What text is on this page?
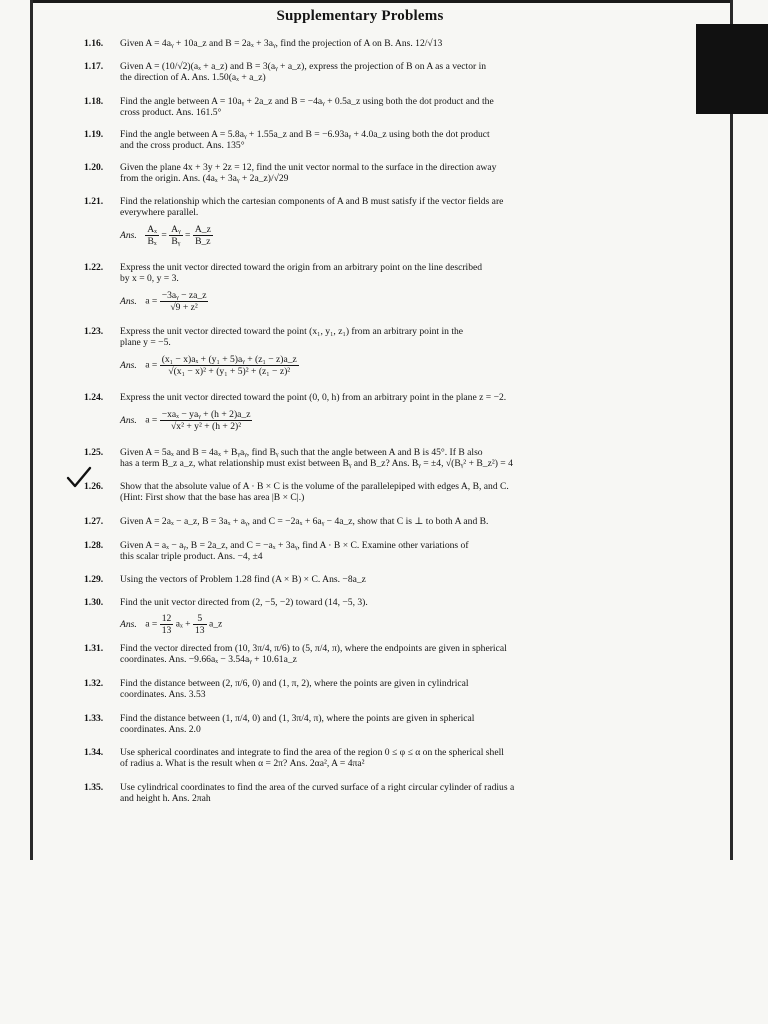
Supplementary Problems
1.16.	Given A = 4aᵧ + 10a_z and B = 2aₓ + 3aᵧ, find the projection of A on B. Ans. 12/√13
1.17.	Given A = (10/√2)(aₓ + a_z) and B = 3(aᵧ + a_z), express the projection of B on A as a vector in
the direction of A. Ans. 1.50(aₓ + a_z)
1.18.	Find the angle between A = 10aᵧ + 2a_z and B = −4aᵧ + 0.5a_z using both the dot product and the
cross product. Ans. 161.5°
1.19.	Find the angle between A = 5.8aᵧ + 1.55a_z and B = −6.93aᵧ + 4.0a_z using both the dot product
and the cross product. Ans. 135°
1.20.	Given the plane 4x + 3y + 2z = 12, find the unit vector normal to the surface in the direction away
from the origin. Ans. (4aₓ + 3aᵧ + 2a_z)/√29
1.21.	Find the relationship which the cartesian components of A and B must satisfy if the vector fields are
everywhere parallel.
Ans. $\frac{\text{Aₓ}}{\text{Bₓ}} = \frac{\text{Aᵧ}}{\text{Bᵧ}} = \frac{A\_z}{B\_z}$
1.22.	Express the unit vector directed toward the origin from an arbitrary point on the line described
by x = 0, y = 3.
Ans. $a = \frac{\text{−3aᵧ − za\_z}}{\text{√9 + z²}}$
1.23.	Express the unit vector directed toward the point (x₁, y₁, z₁) from an arbitrary point in the
plane y = −5.
Ans. $a = \frac{\text{(x₁ − x)aₓ + (y₁ + 5)aᵧ + (z₁ − z)a\_z}}{\text{√(x₁ − x)² + (y₁ + 5)² + (z₁ − z)²}}$
1.24.	Express the unit vector directed toward the point (0, 0, h) from an arbitrary point in the plane z = −2.
Ans. $a = \frac{\text{−xaₓ − yaᵧ + (h + 2)a\_z}}{\text{√x² + y² + (h + 2)²}}$
1.25.	Given A = 5aₓ and B = 4aₓ + Bᵧaᵧ, find Bᵧ such that the angle between A and B is 45°. If B also
has a term B_z a_z, what relationship must exist between Bᵧ and B_z? Ans. Bᵧ = ±4, √(Bᵧ² + B_z²) = 4
1.26.	Show that the absolute value of A · B × C is the volume of the parallelepiped with edges A, B, and C.
(Hint: First show that the base has area |B × C|.)
1.27.	Given A = 2aₓ − a_z, B = 3aₓ + aᵧ, and C = −2aₓ + 6aᵧ − 4a_z, show that C is ⊥ to both A and B.
1.28.	Given A = aₓ − aᵧ, B = 2a_z, and C = −aₓ + 3aᵧ, find A · B × C. Examine other variations of
this scalar triple product. Ans. −4, ±4
1.29.	Using the vectors of Problem 1.28 find (A × B) × C. Ans. −8a_z
1.30.	Find the unit vector directed from (2, −5, −2) toward (14, −5, 3).
Ans. $a = \frac{12}{13}$ $a_x + \frac{5}{13}$ a_z
1.31.	Find the vector directed from (10, 3π/4, π/6) to (5, π/4, π), where the endpoints are given in spherical
coordinates. Ans. −9.66aₓ − 3.54aᵧ + 10.61a_z
1.32.	Find the distance between (2, π/6, 0) and (1, π, 2), where the points are given in cylindrical
coordinates. Ans. 3.53
1.33.	Find the distance between (1, π/4, 0) and (1, 3π/4, π), where the points are given in spherical
coordinates. Ans. 2.0
1.34.	Use spherical coordinates and integrate to find the area of the region 0 ≤ φ ≤ α on the spherical shell
of radius a. What is the result when α = 2π? Ans. 2αa², A = 4πa²
1.35.	Use cylindrical coordinates to find the area of the curved surface of a right circular cylinder of radius a
and height h. Ans. 2πah
